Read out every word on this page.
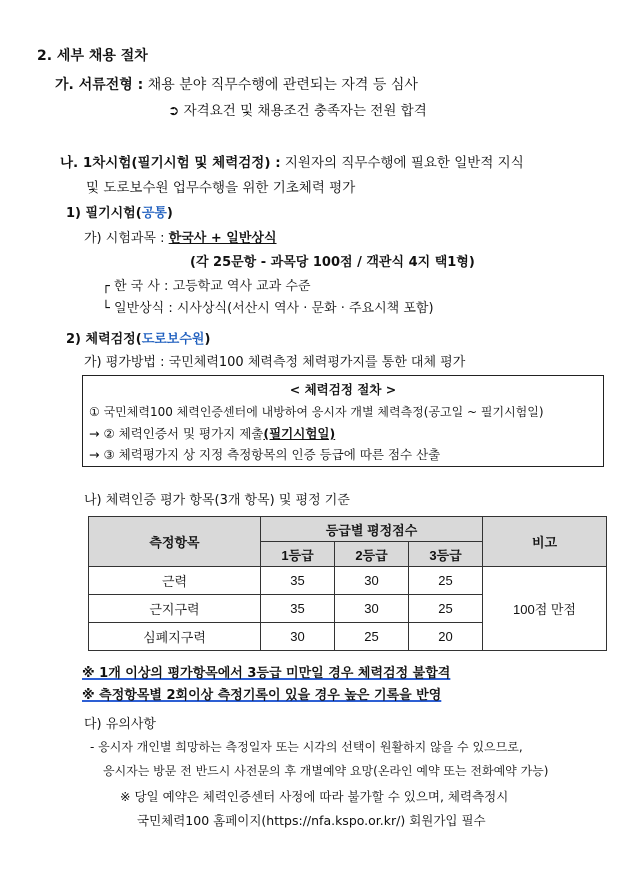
2. 세부 채용 절차
가. 서류전형 : 채용 분야 직무수행에 관련되는 자격 등 심사
➲ 자격요건 및 채용조건 충족자는 전원 합격
나. 1차시험(필기시험 및 체력검정) : 지원자의 직무수행에 필요한 일반적 지식
및 도로보수원 업무수행을 위한 기초체력 평가
1) 필기시험(공통)
가) 시험과목 : 한국사 + 일반상식
(각 25문항 - 과목당 100점 / 객관식 4지 택1형)
┌ 한 국 사 : 고등학교 역사 교과 수준
└ 일반상식 : 시사상식(서산시 역사 · 문화 · 주요시책 포함)
2) 체력검정(도로보수원)
가) 평가방법 : 국민체력100 체력측정 체력평가지를 통한 대체 평가
< 체력검정 절차 >
① 국민체력100 체력인증센터에 내방하여 응시자 개별 체력측정(공고일 ~ 필기시험일)
→ ② 체력인증서 및 평가지 제출(필기시험일)
→ ③ 체력평가지 상 지정 측정항목의 인증 등급에 따른 점수 산출
나) 체력인증 평가 항목(3개 항목) 및 평정 기준
측정항목	등급별 평정점수			비고
	1등급	2등급	3등급	
근력	35	30	25	100점 만점
근지구력	35	30	25	
심폐지구력	30	25	20	
※ 1개 이상의 평가항목에서 3등급 미만일 경우 체력검정 불합격
※ 측정항목별 2회이상 측정기록이 있을 경우 높은 기록을 반영
다) 유의사항
- 응시자 개인별 희망하는 측정일자 또는 시각의 선택이 원활하지 않을 수 있으므로,
응시자는 방문 전 반드시 사전문의 후 개별예약 요망(온라인 예약 또는 전화예약 가능)
※ 당일 예약은 체력인증센터 사정에 따라 불가할 수 있으며, 체력측정시
국민체력100 홈페이지(https://nfa.kspo.or.kr/) 회원가입 필수
